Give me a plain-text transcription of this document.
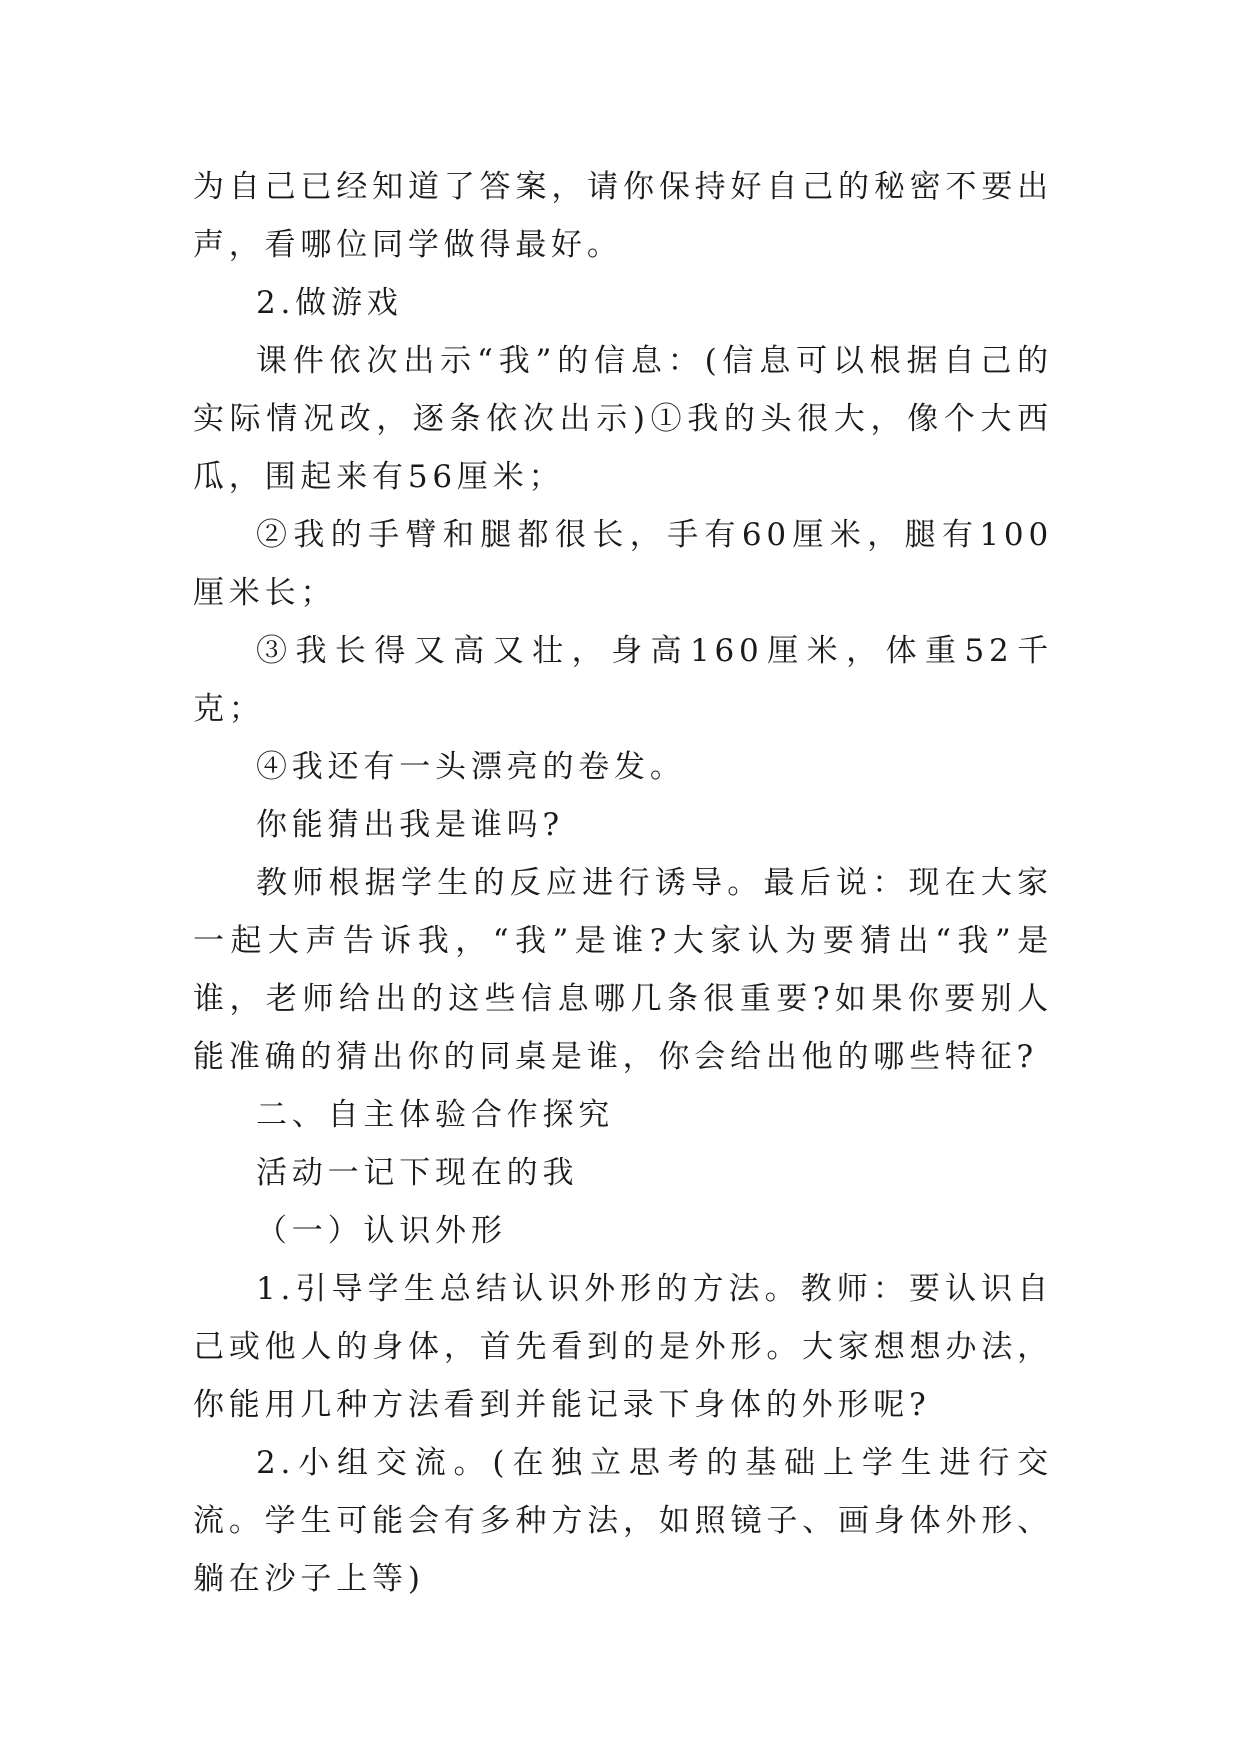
为自己已经知道了答案，请你保持好自己的秘密不要出声，看哪位同学做得最好。

2.做游戏

课件依次出示“我”的信息：(信息可以根据自己的实际情况改，逐条依次出示)①我的头很大，像个大西瓜，围起来有56厘米；

②我的手臂和腿都很长，手有60厘米，腿有100厘米长；

③我长得又高又壮，身高160厘米，体重52千克；

④我还有一头漂亮的卷发。

你能猜出我是谁吗?

教师根据学生的反应进行诱导。最后说：现在大家一起大声告诉我，“我”是谁?大家认为要猜出“我”是谁，老师给出的这些信息哪几条很重要?如果你要别人能准确的猜出你的同桌是谁，你会给出他的哪些特征?

二、自主体验合作探究

活动一记下现在的我

（一）认识外形

1.引导学生总结认识外形的方法。教师：要认识自己或他人的身体，首先看到的是外形。大家想想办法，你能用几种方法看到并能记录下身体的外形呢?

2.小组交流。(在独立思考的基础上学生进行交流。学生可能会有多种方法，如照镜子、画身体外形、躺在沙子上等)
